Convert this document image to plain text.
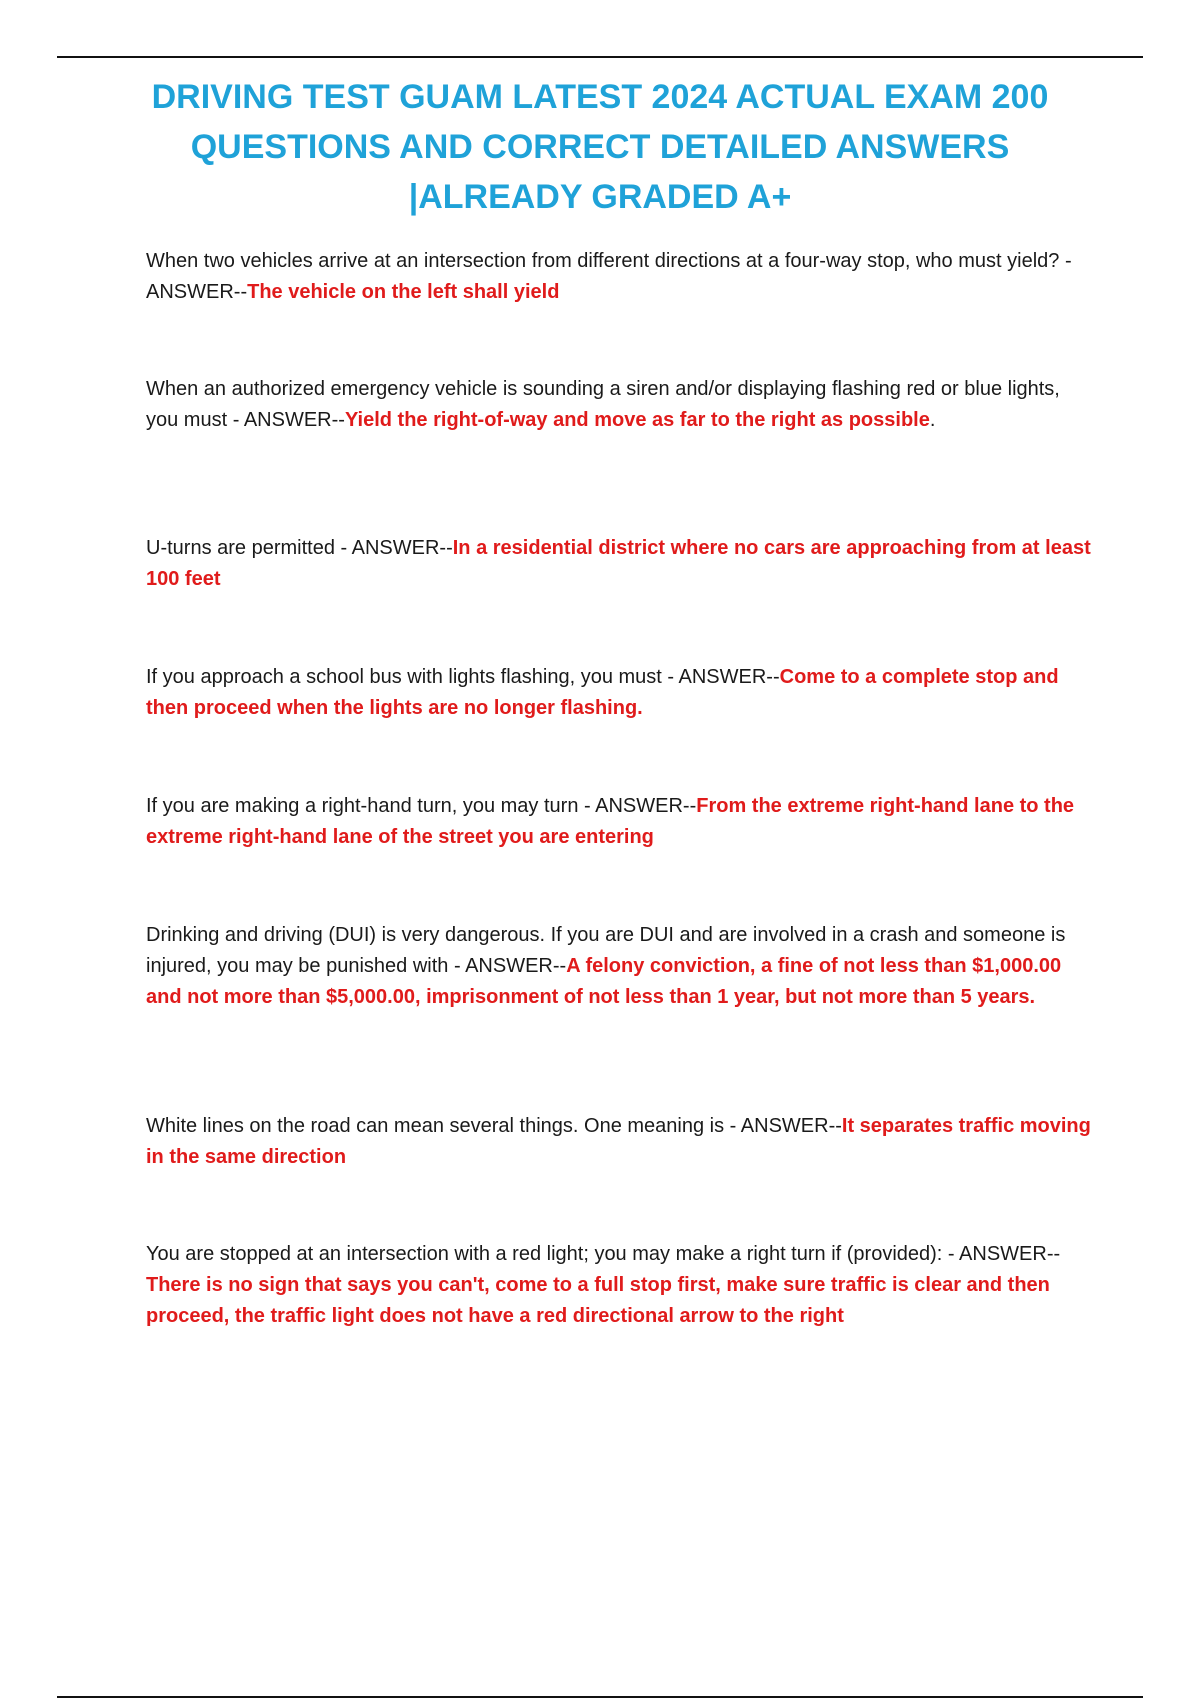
DRIVING TEST GUAM LATEST 2024 ACTUAL EXAM 200
QUESTIONS AND CORRECT DETAILED ANSWERS
|ALREADY GRADED A+
When two vehicles arrive at an intersection from different directions at a four-way stop, who must yield? - ANSWER--The vehicle on the left shall yield
When an authorized emergency vehicle is sounding a siren and/or displaying flashing red or blue lights, you must - ANSWER--Yield the right-of-way and move as far to the right as possible.
U-turns are permitted - ANSWER--In a residential district where no cars are approaching from at least 100 feet
If you approach a school bus with lights flashing, you must - ANSWER--Come to a complete stop and then proceed when the lights are no longer flashing.
If you are making a right-hand turn, you may turn - ANSWER--From the extreme right-hand lane to the extreme right-hand lane of the street you are entering
Drinking and driving (DUI) is very dangerous. If you are DUI and are involved in a crash and someone is injured, you may be punished with - ANSWER--A felony conviction, a fine of not less than $1,000.00 and not more than $5,000.00, imprisonment of not less than 1 year, but not more than 5 years.
White lines on the road can mean several things. One meaning is - ANSWER--It separates traffic moving in the same direction
You are stopped at an intersection with a red light; you may make a right turn if (provided): - ANSWER--There is no sign that says you can't, come to a full stop first, make sure traffic is clear and then proceed, the traffic light does not have a red directional arrow to the right
